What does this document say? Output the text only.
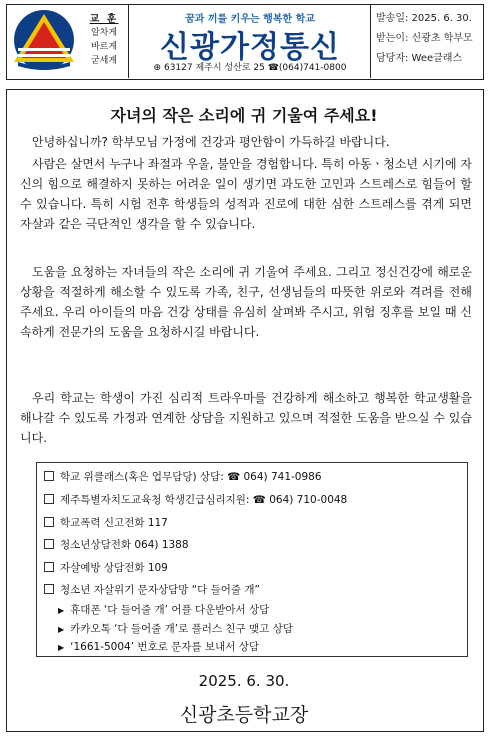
교 훈
알차게
바르게
굳세게
꿈과 끼를 키우는 행복한 학교
신광가정통신
⊕ 63127 제주시 성산로 25 ☎(064)741-0800
발송일: 2025. 6. 30.
받는이: 신광초 학부모
담당자: Wee클래스
자녀의 작은 소리에 귀 기울여 주세요!
안녕하십니까? 학부모님 가정에 건강과 평안함이 가득하길 바랍니다.
사람은 살면서 누구나 좌절과 우울, 불안을 경험합니다. 특히 아동ㆍ청소년 시기에 자신의 힘으로 해결하지 못하는 어려운 일이 생기면 과도한 고민과 스트레스로 힘들어 할 수 있습니다. 특히 시험 전후 학생들의 성적과 진로에 대한 심한 스트레스를 겪게 되면 자살과 같은 극단적인 생각을 할 수 있습니다.
도움을 요청하는 자녀들의 작은 소리에 귀 기울여 주세요. 그리고 정신건강에 해로운 상황을 적절하게 해소할 수 있도록 가족, 친구, 선생님들의 따뜻한 위로와 격려를 전해주세요. 우리 아이들의 마음 건강 상태를 유심히 살펴봐 주시고, 위험 징후를 보일 때 신속하게 전문가의 도움을 요청하시길 바랍니다.
우리 학교는 학생이 가진 심리적 트라우마를 건강하게 해소하고 행복한 학교생활을 해나갈 수 있도록 가정과 연계한 상담을 지원하고 있으며 적절한 도움을 받으실 수 있습니다.
학교 위클래스(혹은 업무담당) 상담: ☎ 064) 741-0986
제주특별자치도교육청 학생긴급심리지원: ☎ 064) 710-0048
학교폭력 신고전화 117
청소년상담전화 064) 1388
자살예방 상담전화 109
청소년 자살위기 문자상담망 “다 들어줄 개”
▶ 휴대폰 ‘다 들어줄 개’ 어플 다운받아서 상담
▶ 카카오톡 ‘다 들어줄 개’로 플러스 친구 맺고 상담
▶ ‘1661-5004’ 번호로 문자를 보내서 상담
2025. 6. 30.
신광초등학교장
